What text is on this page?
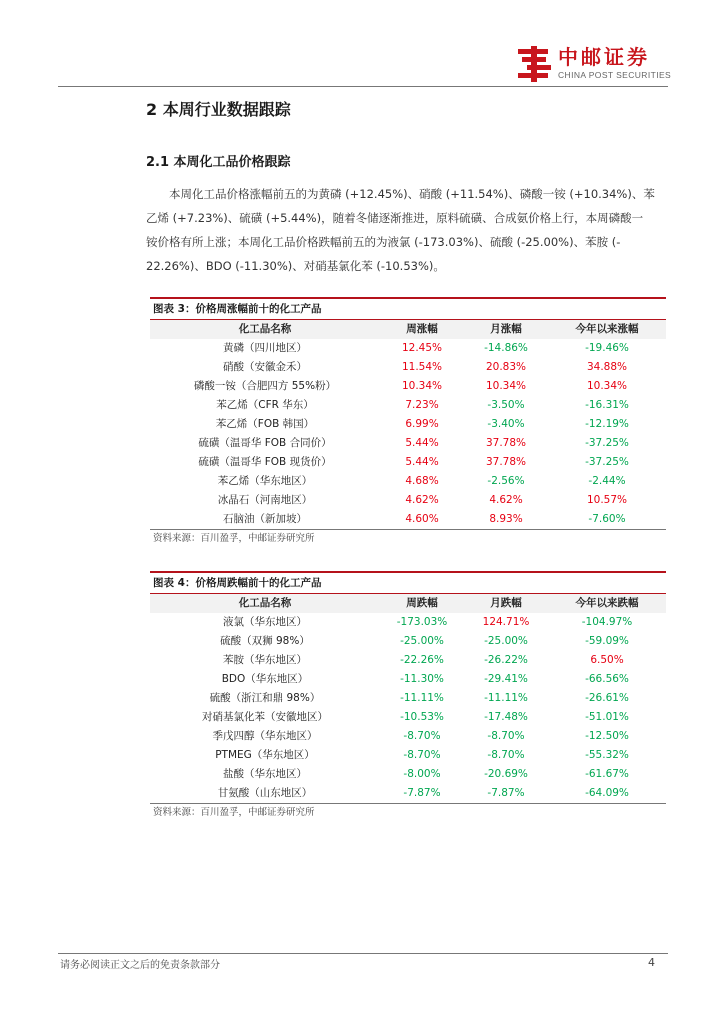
中邮证券
CHINA POST SECURITIES
2 本周行业数据跟踪
2.1 本周化工品价格跟踪
本周化工品价格涨幅前五的为黄磷 (+12.45%)、硝酸 (+11.54%)、磷酸一铵 (+10.34%)、苯
乙烯 (+7.23%)、硫磺 (+5.44%)，随着冬储逐渐推进，原料硫磺、合成氨价格上行，本周磷酸一
铵价格有所上涨；本周化工品价格跌幅前五的为液氯 (-173.03%)、硫酸 (-25.00%)、苯胺 (-
22.26%)、BDO (-11.30%)、对硝基氯化苯 (-10.53%)。
图表 3：价格周涨幅前十的化工产品
化工品名称	周涨幅	月涨幅	今年以来涨幅
黄磷（四川地区）	12.45%	-14.86%	-19.46%
硝酸（安徽金禾）	11.54%	20.83%	34.88%
磷酸一铵（合肥四方 55%粉）	10.34%	10.34%	10.34%
苯乙烯（CFR 华东）	7.23%	-3.50%	-16.31%
苯乙烯（FOB 韩国）	6.99%	-3.40%	-12.19%
硫磺（温哥华 FOB 合同价）	5.44%	37.78%	-37.25%
硫磺（温哥华 FOB 现货价）	5.44%	37.78%	-37.25%
苯乙烯（华东地区）	4.68%	-2.56%	-2.44%
冰晶石（河南地区）	4.62%	4.62%	10.57%
石脑油（新加坡）	4.60%	8.93%	-7.60%
资料来源：百川盈孚，中邮证券研究所
图表 4：价格周跌幅前十的化工产品
化工品名称	周跌幅	月跌幅	今年以来跌幅
液氯（华东地区）	-173.03%	124.71%	-104.97%
硫酸（双狮 98%）	-25.00%	-25.00%	-59.09%
苯胺（华东地区）	-22.26%	-26.22%	6.50%
BDO（华东地区）	-11.30%	-29.41%	-66.56%
硫酸（浙江和鼎 98%）	-11.11%	-11.11%	-26.61%
对硝基氯化苯（安徽地区）	-10.53%	-17.48%	-51.01%
季戊四醇（华东地区）	-8.70%	-8.70%	-12.50%
PTMEG（华东地区）	-8.70%	-8.70%	-55.32%
盐酸（华东地区）	-8.00%	-20.69%	-61.67%
甘氨酸（山东地区）	-7.87%	-7.87%	-64.09%
资料来源：百川盈孚，中邮证券研究所
请务必阅读正文之后的免责条款部分	4
